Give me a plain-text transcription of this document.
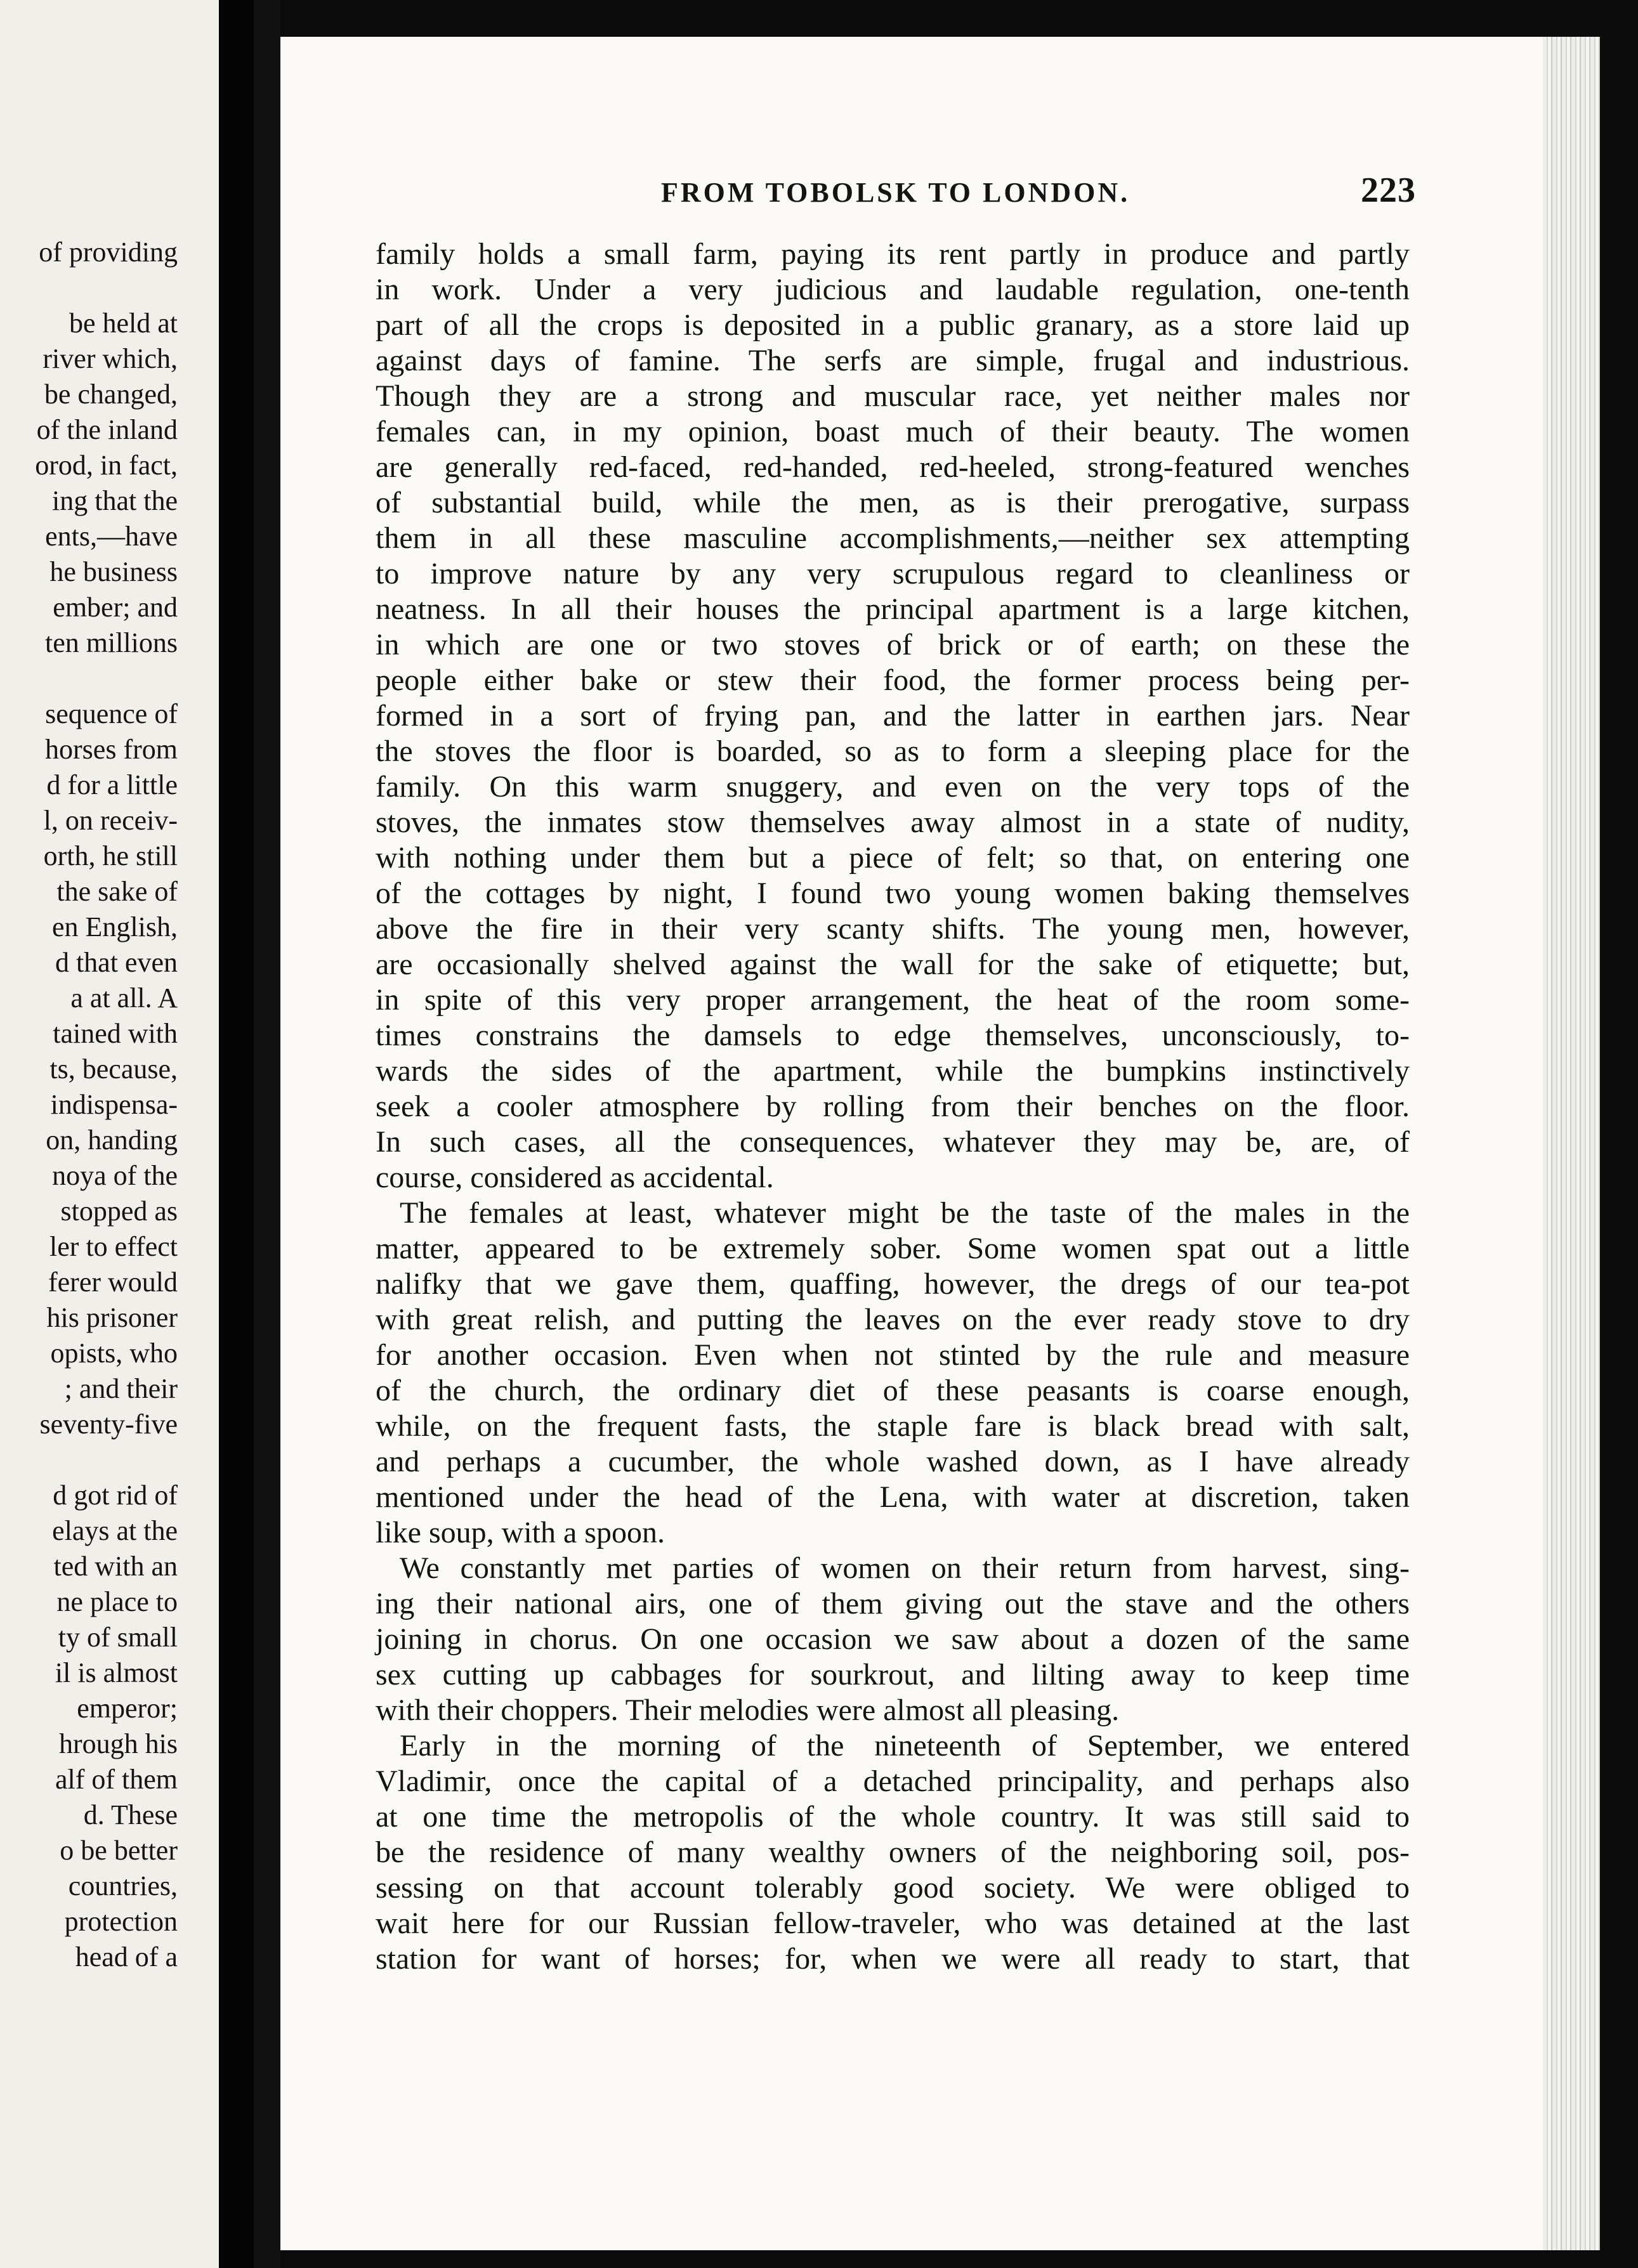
of providing
be held at
river which,
be changed,
of the inland
orod, in fact,
ing that the
ents,—have
he business
ember; and
ten millions
sequence of
horses from
d for a little
l, on receiv-
orth, he still
the sake of
en English,
d that even
a at all. A
tained with
ts, because,
indispensa-
on, handing
noya of the
stopped as
ler to effect
ferer would
his prisoner
opists, who
; and their
seventy-five
d got rid of
elays at the
ted with an
ne place to
ty of small
il is almost
emperor;
hrough his
alf of them
d. These
o be better
countries,
protection
head of a
FROM TOBOLSK TO LONDON.	223
family holds a small farm, paying its rent partly in produce and partly
in work. Under a very judicious and laudable regulation, one-tenth
part of all the crops is deposited in a public granary, as a store laid up
against days of famine. The serfs are simple, frugal and industrious.
Though they are a strong and muscular race, yet neither males nor
females can, in my opinion, boast much of their beauty. The women
are generally red-faced, red-handed, red-heeled, strong-featured wenches
of substantial build, while the men, as is their prerogative, surpass
them in all these masculine accomplishments,—neither sex attempting
to improve nature by any very scrupulous regard to cleanliness or
neatness. In all their houses the principal apartment is a large kitchen,
in which are one or two stoves of brick or of earth; on these the
people either bake or stew their food, the former process being per-
formed in a sort of frying pan, and the latter in earthen jars. Near
the stoves the floor is boarded, so as to form a sleeping place for the
family. On this warm snuggery, and even on the very tops of the
stoves, the inmates stow themselves away almost in a state of nudity,
with nothing under them but a piece of felt; so that, on entering one
of the cottages by night, I found two young women baking themselves
above the fire in their very scanty shifts. The young men, however,
are occasionally shelved against the wall for the sake of etiquette; but,
in spite of this very proper arrangement, the heat of the room some-
times constrains the damsels to edge themselves, unconsciously, to-
wards the sides of the apartment, while the bumpkins instinctively
seek a cooler atmosphere by rolling from their benches on the floor.
In such cases, all the consequences, whatever they may be, are, of
course, considered as accidental.
The females at least, whatever might be the taste of the males in the
matter, appeared to be extremely sober. Some women spat out a little
nalifky that we gave them, quaffing, however, the dregs of our tea-pot
with great relish, and putting the leaves on the ever ready stove to dry
for another occasion. Even when not stinted by the rule and measure
of the church, the ordinary diet of these peasants is coarse enough,
while, on the frequent fasts, the staple fare is black bread with salt,
and perhaps a cucumber, the whole washed down, as I have already
mentioned under the head of the Lena, with water at discretion, taken
like soup, with a spoon.
We constantly met parties of women on their return from harvest, sing-
ing their national airs, one of them giving out the stave and the others
joining in chorus. On one occasion we saw about a dozen of the same
sex cutting up cabbages for sourkrout, and lilting away to keep time
with their choppers. Their melodies were almost all pleasing.
Early in the morning of the nineteenth of September, we entered
Vladimir, once the capital of a detached principality, and perhaps also
at one time the metropolis of the whole country. It was still said to
be the residence of many wealthy owners of the neighboring soil, pos-
sessing on that account tolerably good society. We were obliged to
wait here for our Russian fellow-traveler, who was detained at the last
station for want of horses; for, when we were all ready to start, that
